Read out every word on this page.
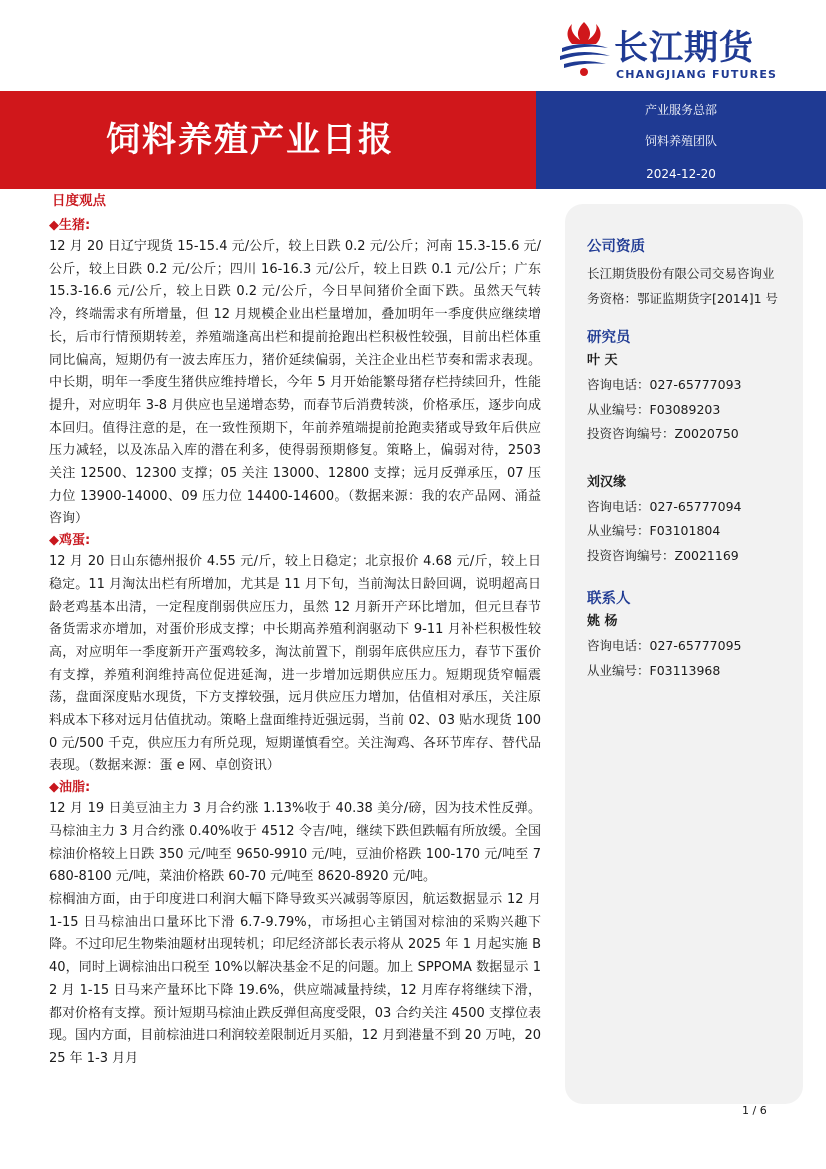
长江期货
CHANGJIANG FUTURES
饲料养殖产业日报
产业服务总部
饲料养殖团队
2024-12-20
日度观点
◆生猪:

12 月 20 日辽宁现货 15-15.4 元/公斤，较上日跌 0.2 元/公斤；河南 15.3-15.6 元/公斤，较上日跌 0.2 元/公斤；四川 16-16.3 元/公斤，较上日跌 0.1 元/公斤；广东 15.3-16.6 元/公斤，较上日跌 0.2 元/公斤，今日早间猪价全面下跌。虽然天气转冷，终端需求有所增量，但 12 月规模企业出栏量增加，叠加明年一季度供应继续增长，后市行情预期转差，养殖端逢高出栏和提前抢跑出栏积极性较强，目前出栏体重同比偏高，短期仍有一波去库压力，猪价延续偏弱，关注企业出栏节奏和需求表现。中长期，明年一季度生猪供应维持增长，今年 5 月开始能繁母猪存栏持续回升，性能提升，对应明年 3-8 月供应也呈递增态势，而春节后消费转淡，价格承压，逐步向成本回归。值得注意的是，在一致性预期下，年前养殖端提前抢跑卖猪或导致年后供应压力减轻，以及冻品入库的潜在利多，使得弱预期修复。策略上，偏弱对待，2503 关注 12500、12300 支撑；05 关注 13000、12800 支撑；远月反弹承压，07 压力位 13900-14000、09 压力位 14400-14600。（数据来源：我的农产品网、涌益咨询）

◆鸡蛋:

12 月 20 日山东德州报价 4.55 元/斤，较上日稳定；北京报价 4.68 元/斤，较上日稳定。11 月淘汰出栏有所增加，尤其是 11 月下旬，当前淘汰日龄回调，说明超高日龄老鸡基本出清，一定程度削弱供应压力，虽然 12 月新开产环比增加，但元旦春节备货需求亦增加，对蛋价形成支撑；中长期高养殖利润驱动下 9-11 月补栏积极性较高，对应明年一季度新开产蛋鸡较多，淘汰前置下，削弱年底供应压力，春节下蛋价有支撑，养殖利润维持高位促进延淘，进一步增加远期供应压力。短期现货窄幅震荡，盘面深度贴水现货，下方支撑较强，远月供应压力增加，估值相对承压，关注原料成本下移对远月估值扰动。策略上盘面维持近强远弱，当前 02、03 贴水现货 1000 元/500 千克，供应压力有所兑现，短期谨慎看空。关注淘鸡、各环节库存、替代品表现。（数据来源：蛋 e 网、卓创资讯）

◆油脂:

12 月 19 日美豆油主力 3 月合约涨 1.13%收于 40.38 美分/磅，因为技术性反弹。马棕油主力 3 月合约涨 0.40%收于 4512 令吉/吨，继续下跌但跌幅有所放缓。全国棕油价格较上日跌 350 元/吨至 9650-9910 元/吨，豆油价格跌 100-170 元/吨至 7680-8100 元/吨，菜油价格跌 60-70 元/吨至 8620-8920 元/吨。

棕榈油方面，由于印度进口利润大幅下降导致买兴减弱等原因，航运数据显示 12 月 1-15 日马棕油出口量环比下滑 6.7-9.79%，市场担心主销国对棕油的采购兴趣下降。不过印尼生物柴油题材出现转机；印尼经济部长表示将从 2025 年 1 月起实施 B40，同时上调棕油出口税至 10%以解决基金不足的问题。加上 SPPOMA 数据显示 12 月 1-15 日马来产量环比下降 19.6%，供应端减量持续，12 月库存将继续下滑，都对价格有支撑。预计短期马棕油止跌反弹但高度受限，03 合约关注 4500 支撑位表现。国内方面，目前棕油进口利润较差限制近月买船，12 月到港量不到 20 万吨，2025 年 1-3 月月

公司资质
长江期货股份有限公司交易咨询业
务资格：鄂证监期货字[2014]1 号
研究员
叶 天
咨询电话：027-65777093
从业编号：F03089203
投资咨询编号：Z0020750
刘汉缘
咨询电话：027-65777094
从业编号：F03101804
投资咨询编号：Z0021169
联系人
姚 杨
咨询电话：027-65777095
从业编号：F03113968
1 / 6
